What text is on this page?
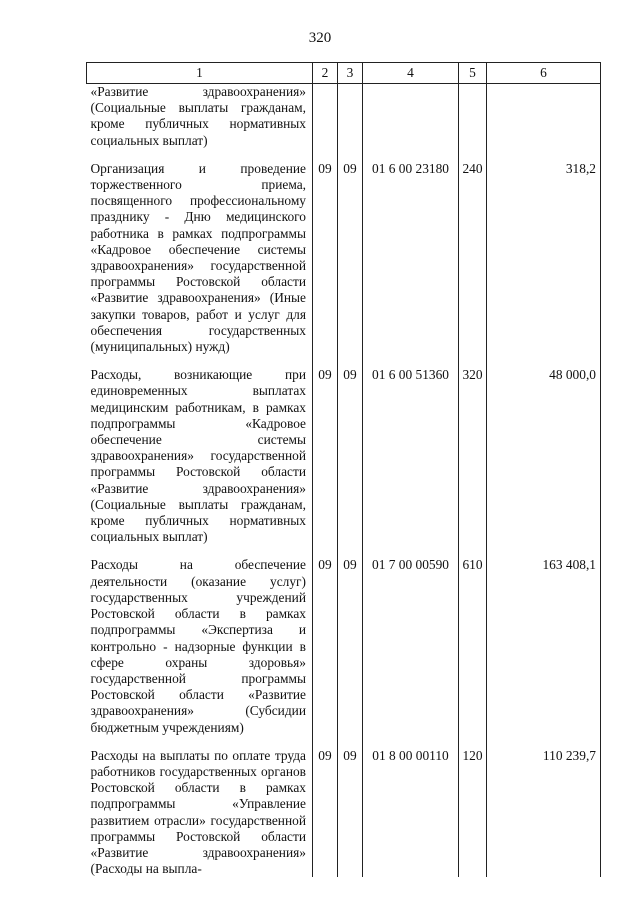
320
1	2	3	4	5	6

«Развитие здравоохранения» (Социальные выплаты гражданам, кроме публичных нормативных социальных выплат)					

Организация и проведение торжественного приема, посвященного профессиональному празднику - Дню медицинского работника в рамках подпрограммы «Кадровое обеспечение системы здравоохранения» государственной программы Ростовской области «Развитие здравоохранения» (Иные закупки товаров, работ и услуг для обеспечения государственных (муниципальных) нужд)	09	09	01 6 00 23180	240	318,2

Расходы, возникающие при единовременных выплатах медицинским работникам, в рамках подпрограммы «Кадровое обеспечение системы здравоохранения» государственной программы Ростовской области «Развитие здравоохранения» (Социальные выплаты гражданам, кроме публичных нормативных социальных выплат)	09	09	01 6 00 51360	320	48 000,0

Расходы на обеспечение деятельности (оказание услуг) государственных учреждений Ростовской области в рамках подпрограммы «Экспертиза и контрольно - надзорные функции в сфере охраны здоровья» государственной программы Ростовской области «Развитие здравоохранения» (Субсидии бюджетным учреждениям)	09	09	01 7 00 00590	610	163 408,1

Расходы на выплаты по оплате труда работников государственных органов Ростовской области в рамках подпрограммы «Управление развитием отрасли» государственной программы Ростовской области «Развитие здравоохранения» (Расходы на выпла-	09	09	01 8 00 00110	120	110 239,7
